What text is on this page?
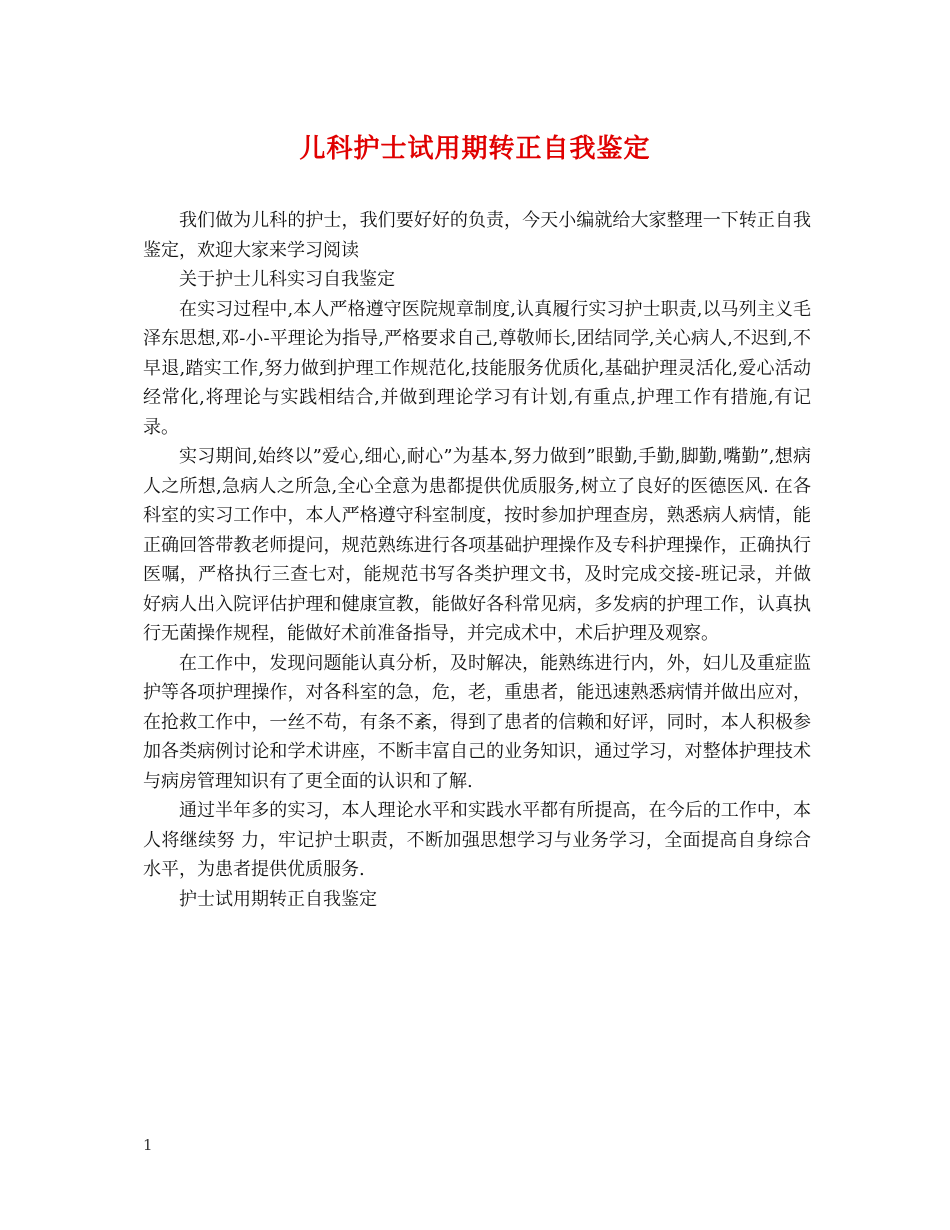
儿科护士试用期转正自我鉴定

我们做为儿科的护士，我们要好好的负责，今天小编就给大家整理一下转正自我鉴定，欢迎大家来学习阅读

关于护士儿科实习自我鉴定

在实习过程中,本人严格遵守医院规章制度,认真履行实习护士职责,以马列主义毛泽东思想,邓-小-平理论为指导,严格要求自己,尊敬师长,团结同学,关心病人,不迟到,不早退,踏实工作,努力做到护理工作规范化,技能服务优质化,基础护理灵活化,爱心活动经常化,将理论与实践相结合,并做到理论学习有计划,有重点,护理工作有措施,有记录。

实习期间,始终以”爱心,细心,耐心”为基本,努力做到”眼勤,手勤,脚勤,嘴勤”,想病人之所想,急病人之所急,全心全意为患都提供优质服务,树立了良好的医德医风. 在各科室的实习工作中，本人严格遵守科室制度，按时参加护理查房，熟悉病人病情，能正确回答带教老师提问，规范熟练进行各项基础护理操作及专科护理操作，正确执行医嘱，严格执行三查七对，能规范书写各类护理文书，及时完成交接-班记录，并做好病人出入院评估护理和健康宣教，能做好各科常见病，多发病的护理工作，认真执行无菌操作规程，能做好术前准备指导，并完成术中，术后护理及观察。

在工作中，发现问题能认真分析，及时解决，能熟练进行内，外，妇儿及重症监护等各项护理操作，对各科室的急，危，老，重患者，能迅速熟悉病情并做出应对，在抢救工作中，一丝不苟，有条不紊，得到了患者的信赖和好评，同时，本人积极参加各类病例讨论和学术讲座，不断丰富自己的业务知识，通过学习，对整体护理技术与病房管理知识有了更全面的认识和了解.

通过半年多的实习，本人理论水平和实践水平都有所提高，在今后的工作中，本人将继续努 力，牢记护士职责，不断加强思想学习与业务学习，全面提高自身综合水平，为患者提供优质服务.

护士试用期转正自我鉴定

1
